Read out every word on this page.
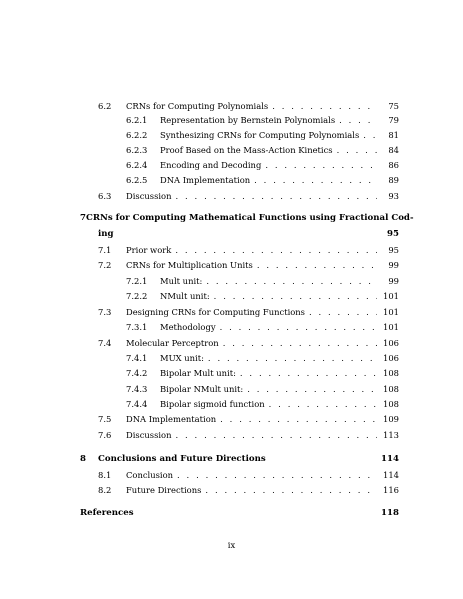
6.2	CRNs for Computing Polynomials . . .	75
6.2.1	Representation by Bernstein Polynomials . . .	79
6.2.2	Synthesizing CRNs for Computing Polynomials . . .	81
6.2.3	Proof Based on the Mass-Action Kinetics . . .	84
6.2.4	Encoding and Decoding . . .	86
6.2.5	DNA Implementation . . .	89
6.3	Discussion . . .	93
7 CRNs for Computing Mathematical Functions using Fractional Cod-
ing	95
7.1	Prior work . . .	95
7.2	CRNs for Multiplication Units . . .	99
7.2.1	Mult unit: . . .	99
7.2.2	NMult unit: . . .	101
7.3	Designing CRNs for Computing Functions . . .	101
7.3.1	Methodology . . .	101
7.4	Molecular Perceptron . . .	106
7.4.1	MUX unit: . . .	106
7.4.2	Bipolar Mult unit: . . .	108
7.4.3	Bipolar NMult unit: . . .	108
7.4.4	Bipolar sigmoid function . . .	108
7.5	DNA Implementation . . .	109
7.6	Discussion . . .	113
8	Conclusions and Future Directions	114
8.1	Conclusion . . .	114
8.2	Future Directions . . .	116
References	118
ix
